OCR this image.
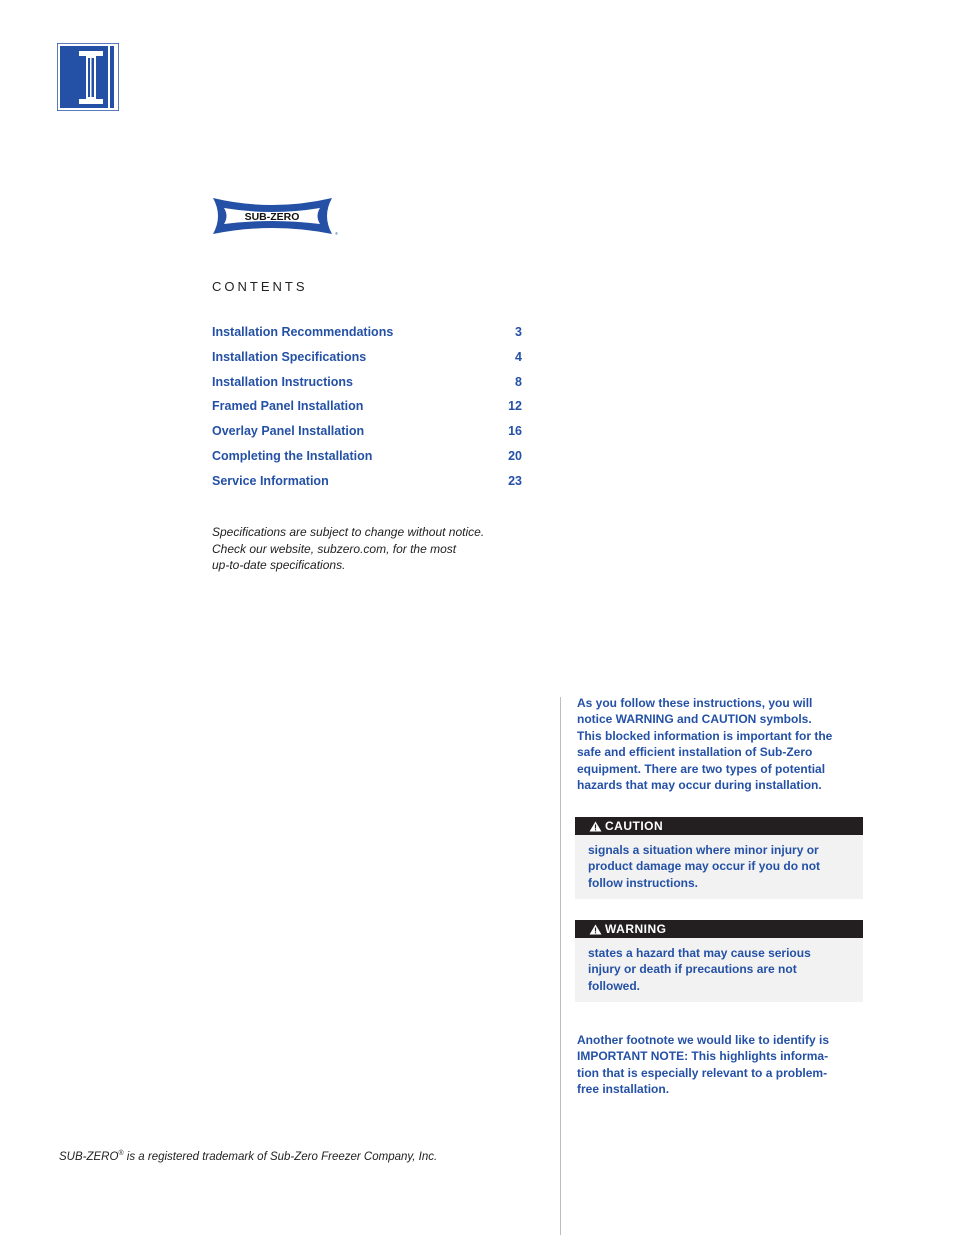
SUB-ZERO
®
CONTENTS
Installation Recommendations	3
Installation Specifications	4
Installation Instructions	8
Framed Panel Installation	12
Overlay Panel Installation	16
Completing the Installation	20
Service Information	23
Specifications are subject to change without notice.
Check our website, subzero.com, for the most
up-to-date specifications.
As you follow these instructions, you will
notice WARNING and CAUTION symbols.
This blocked information is important for the
safe and efficient installation of Sub-Zero
equipment. There are two types of potential
hazards that may occur during installation.
CAUTION
signals a situation where minor injury or
product damage may occur if you do not
follow instructions.
WARNING
states a hazard that may cause serious
injury or death if precautions are not
followed.
Another footnote we would like to identify is
IMPORTANT NOTE: This highlights informa-
tion that is especially relevant to a problem-
free installation.
SUB-ZERO® is a registered trademark of Sub-Zero Freezer Company, Inc.
